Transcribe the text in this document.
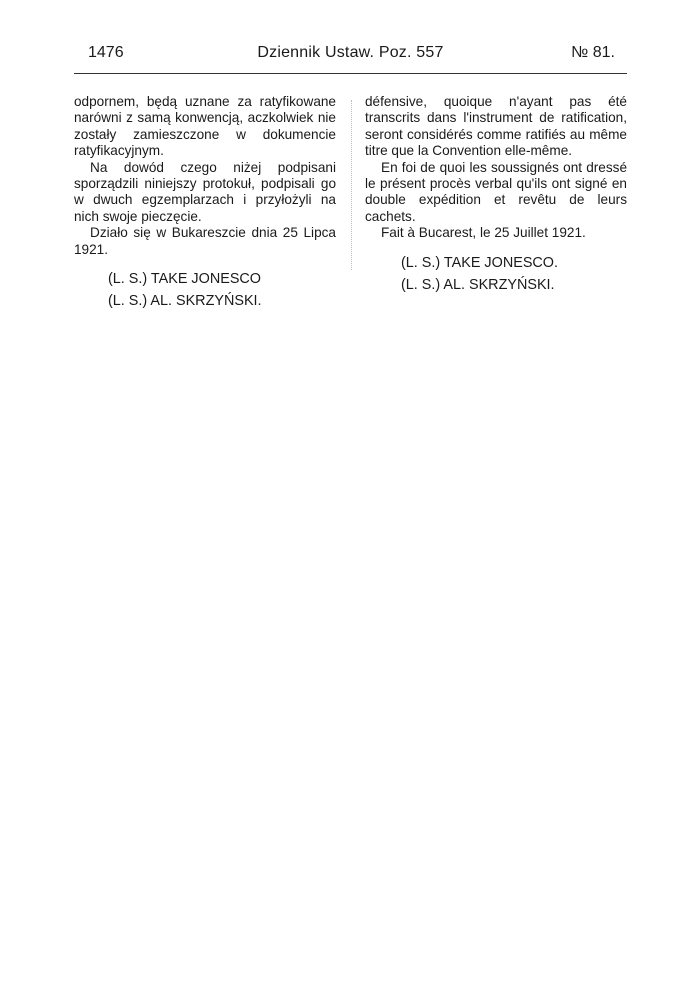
1476	Dziennik Ustaw. Poz. 557	№ 81.

odpornem, będą uznane za ratyfikowane narówni z samą konwencją, aczkolwiek nie zostały zamieszczone w dokumencie ratyfikacyjnym.

Na dowód czego niżej podpisani sporządzili niniejszy protokuł, podpisali go w dwuch egzemplarzach i przyłożyli na nich swoje pieczęcie.

Działo się w Bukareszcie dnia 25 Lipca 1921.

(L. S.) TAKE JONESCO
(L. S.) AL. SKRZYŃSKI.

défensive, quoique n'ayant pas été transcrits dans l'instrument de ratification, seront considérés comme ratifiés au même titre que la Convention elle-même.

En foi de quoi les soussignés ont dressé le présent procès verbal qu'ils ont signé en double expédition et revêtu de leurs cachets.

Fait à Bucarest, le 25 Juillet 1921.

(L. S.) TAKE JONESCO.
(L. S.) AL. SKRZYŃSKI.
